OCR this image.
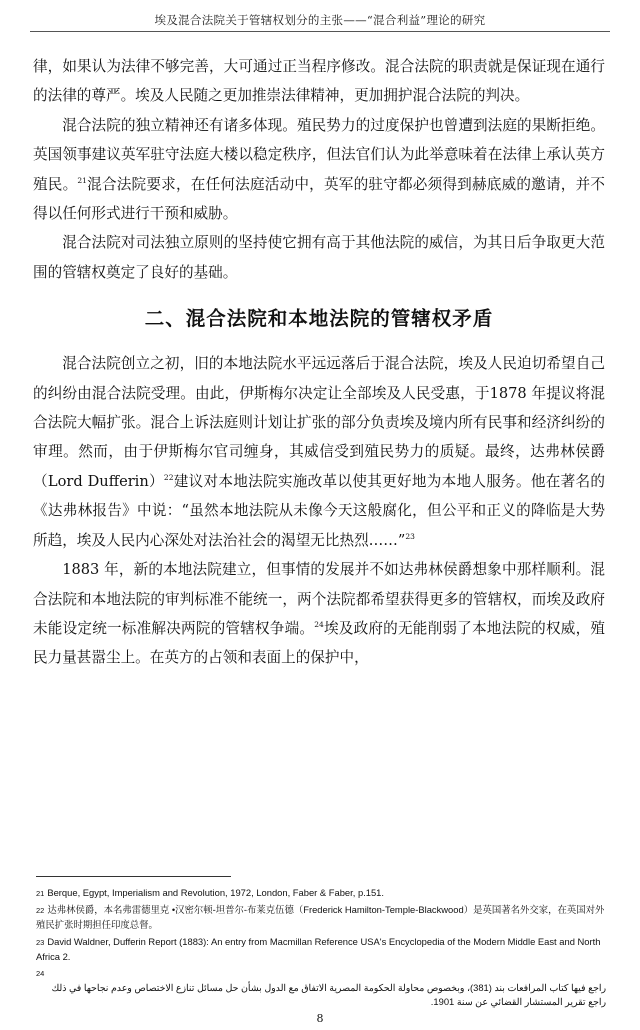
埃及混合法院关于管辖权划分的主张——“混合利益”理论的研究

律，如果认为法律不够完善，大可通过正当程序修改。混合法院的职责就是保证现在通行的法律的尊严。埃及人民随之更加推崇法律精神，更加拥护混合法院的判决。

混合法院的独立精神还有诸多体现。殖民势力的过度保护也曾遭到法庭的果断拒绝。英国领事建议英军驻守法庭大楼以稳定秩序，但法官们认为此举意味着在法律上承认英方殖民。$^{21}$混合法院要求，在任何法庭活动中，英军的驻守都必须得到赫底威的邀请，并不得以任何形式进行干预和威胁。

混合法院对司法独立原则的坚持使它拥有高于其他法院的威信，为其日后争取更大范围的管辖权奠定了良好的基础。

二、混合法院和本地法院的管辖权矛盾

混合法院创立之初，旧的本地法院水平远远落后于混合法院，埃及人民迫切希望自己的纠纷由混合法院受理。由此，伊斯梅尔决定让全部埃及人民受惠，于1878 年提议将混合法院大幅扩张。混合上诉法庭则计划让扩张的部分负责埃及境内所有民事和经济纠纷的审理。然而，由于伊斯梅尔官司缠身，其威信受到殖民势力的质疑。最终，达弗林侯爵（Lord Dufferin）$^{22}$建议对本地法院实施改革以使其更好地为本地人服务。他在著名的《达弗林报告》中说：“虽然本地法院从未像今天这般腐化，但公平和正义的降临是大势所趋，埃及人民内心深处对法治社会的渴望无比热烈……”$^{23}$

1883 年，新的本地法院建立，但事情的发展并不如达弗林侯爵想象中那样顺利。混合法院和本地法院的审判标准不能统一，两个法院都希望获得更多的管辖权，而埃及政府未能设定统一标准解决两院的管辖权争端。$^{24}$埃及政府的无能削弱了本地法院的权威，殖民力量甚嚣尘上。在英方的占领和表面上的保护中，

21 Berque, Egypt, Imperialism and Revolution, 1972, London, Faber & Faber, p.151.
22 达弗林侯爵，本名弗雷德里克 •汉密尔顿-坦普尔-布莱克伍德（Frederick Hamilton-Temple-Blackwood）是英国著名外交家，在英国对外殖民扩张时期担任印度总督。
23 David Waldner, Dufferin Report (1883): An entry from Macmillan Reference USA's Encyclopedia of the Modern Middle East and North Africa 2.
24
راجع فيها كتاب المرافعات بند (381)، وبخصوص محاولة الحكومة المصرية الاتفاق مع الدول بشأن حل مسائل تنازع الاختصاص وعدم نجاحها في ذلك راجع تقرير المستشار القضائي عن سنة 1901.
8
